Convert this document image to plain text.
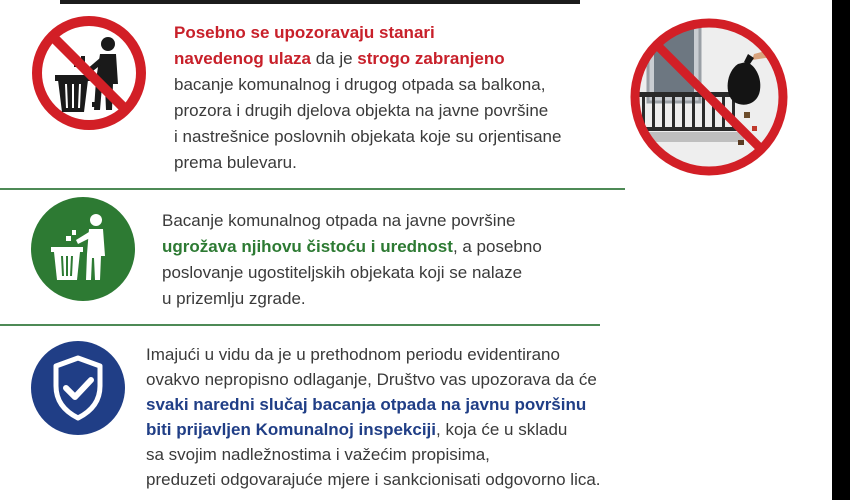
Posebno se upozoravaju stanari
navedenog ulaza da je strogo zabranjeno
bacanje komunalnog i drugog otpada sa balkona,
prozora i drugih djelova objekta na javne površine
i nastrešnice poslovnih objekata koje su orjentisane
prema bulevaru.
Bacanje komunalnog otpada na javne površine
ugrožava njihovu čistoću i urednost, a posebno
poslovanje ugostiteljskih objekata koji se nalaze
u prizemlju zgrade.
Imajući u vidu da je u prethodnom periodu evidentirano
ovakvo nepropisno odlaganje, Društvo vas upozorava da će
svaki naredni slučaj bacanja otpada na javnu površinu
biti prijavljen Komunalnoj inspekciji, koja će u skladu
sa svojim nadležnostima i važećim propisima,
preduzeti odgovarajuće mjere i sankcionisati odgovorno lica.
